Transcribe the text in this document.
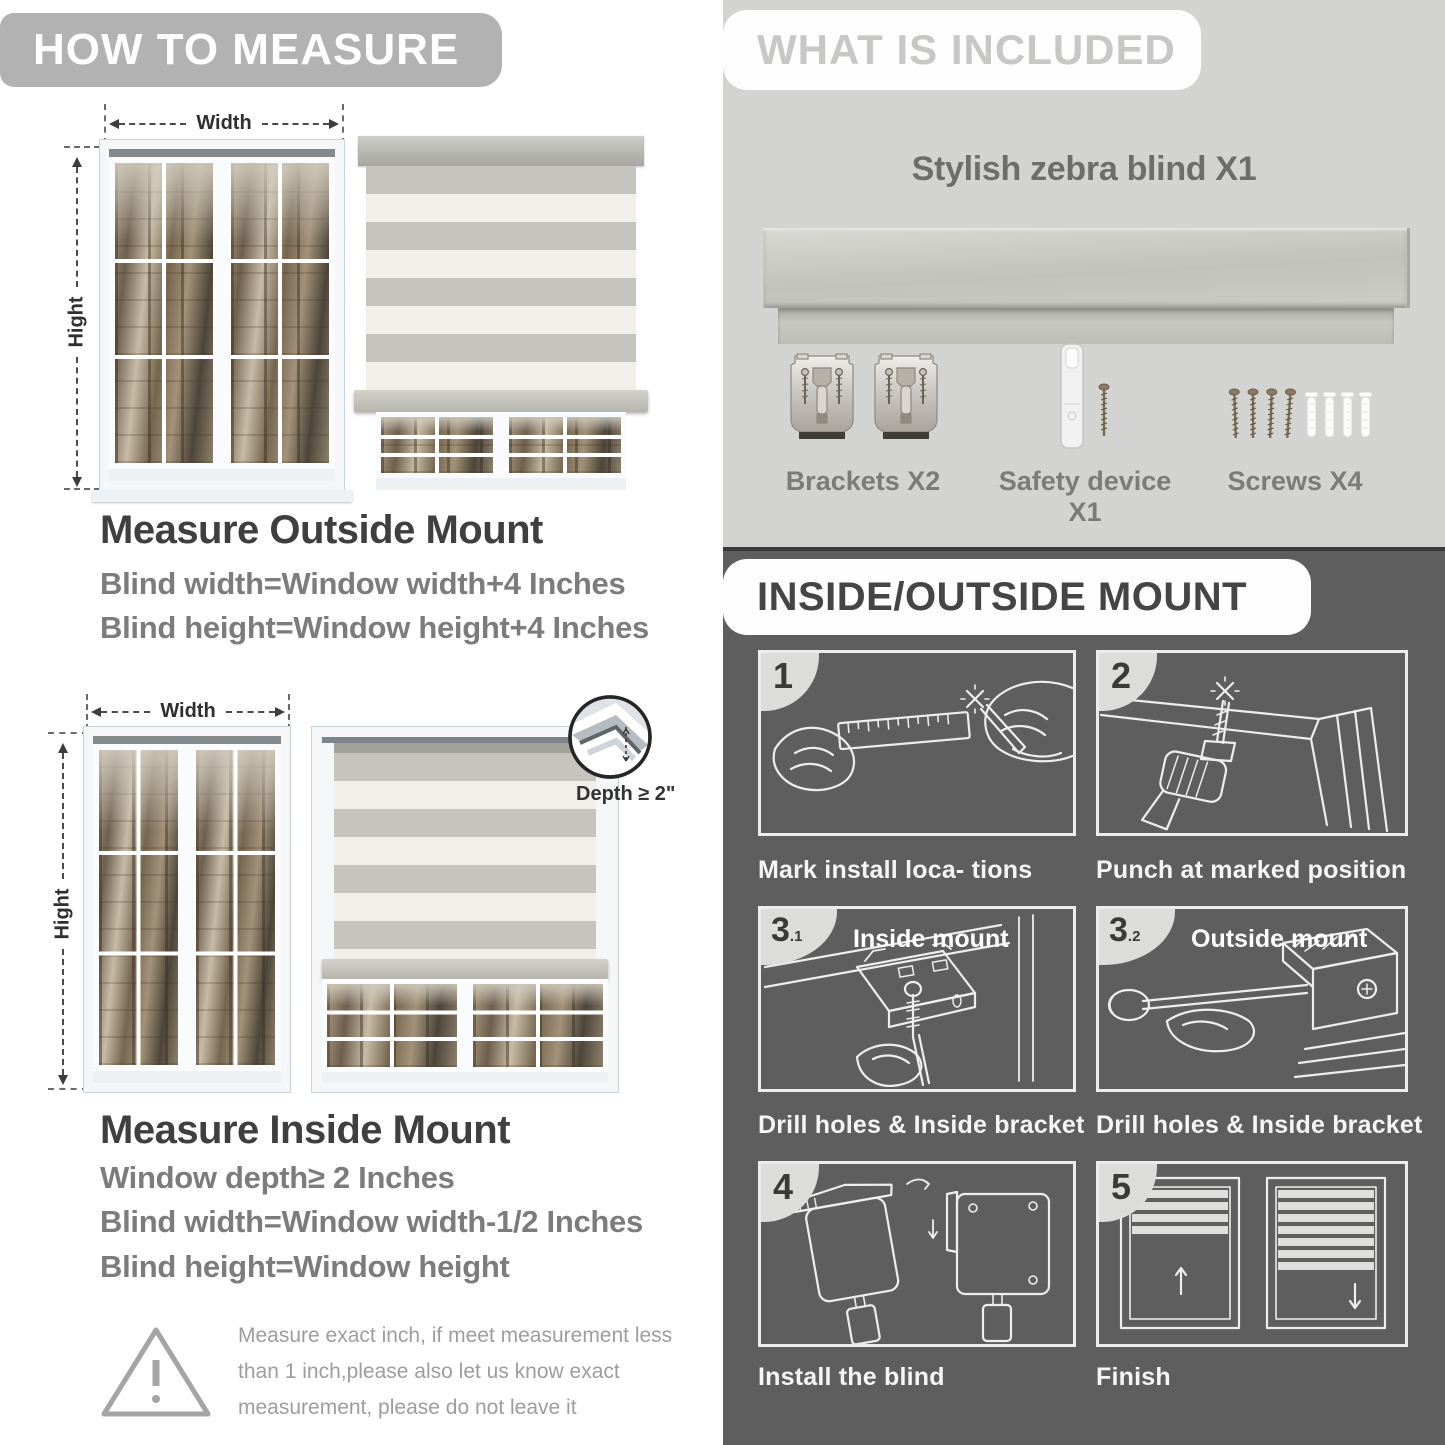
HOW TO MEASURE
Width
Hight
Measure Outside Mount
Blind width=Window width+4 Inches
Blind height=Window height+4 Inches
Width
Hight
Depth ≥ 2"
Measure Inside Mount
Window depth≥ 2 Inches
Blind width=Window width-1/2 Inches
Blind height=Window height
Measure exact inch, if meet measurement less
than 1 inch,please also let us know exact
measurement, please do not leave it
WHAT IS INCLUDED
Stylish zebra blind X1
Brackets X2	Safety device X1
Screws X4
INSIDE/OUTSIDE MOUNT
1	2
Mark install loca- tions	Punch at marked position
3.1	Inside mount	3.2	Outside mount
Drill holes & Inside bracket Drill holes & Inside bracket
4	5
Install the blind	Finish
